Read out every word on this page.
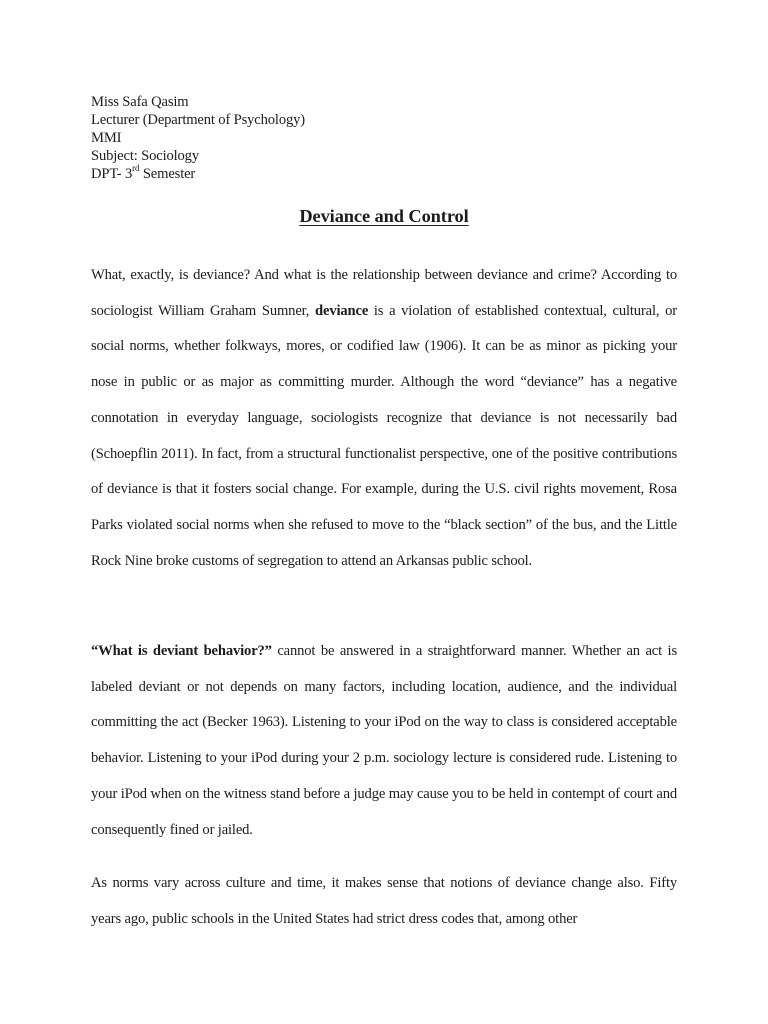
Miss Safa Qasim
Lecturer (Department of Psychology)
MMI
Subject: Sociology
DPT- 3rd Semester
Deviance and Control

What, exactly, is deviance? And what is the relationship between deviance and crime? According to sociologist William Graham Sumner, deviance is a violation of established contextual, cultural, or social norms, whether folkways, mores, or codified law (1906). It can be as minor as picking your nose in public or as major as committing murder. Although the word “deviance” has a negative connotation in everyday language, sociologists recognize that deviance is not necessarily bad (Schoepflin 2011). In fact, from a structural functionalist perspective, one of the positive contributions of deviance is that it fosters social change. For example, during the U.S. civil rights movement, Rosa Parks violated social norms when she refused to move to the “black section” of the bus, and the Little Rock Nine broke customs of segregation to attend an Arkansas public school.

“What is deviant behavior?” cannot be answered in a straightforward manner. Whether an act is labeled deviant or not depends on many factors, including location, audience, and the individual committing the act (Becker 1963). Listening to your iPod on the way to class is considered acceptable behavior. Listening to your iPod during your 2 p.m. sociology lecture is considered rude. Listening to your iPod when on the witness stand before a judge may cause you to be held in contempt of court and consequently fined or jailed.

As norms vary across culture and time, it makes sense that notions of deviance change also. Fifty years ago, public schools in the United States had strict dress codes that, among other
